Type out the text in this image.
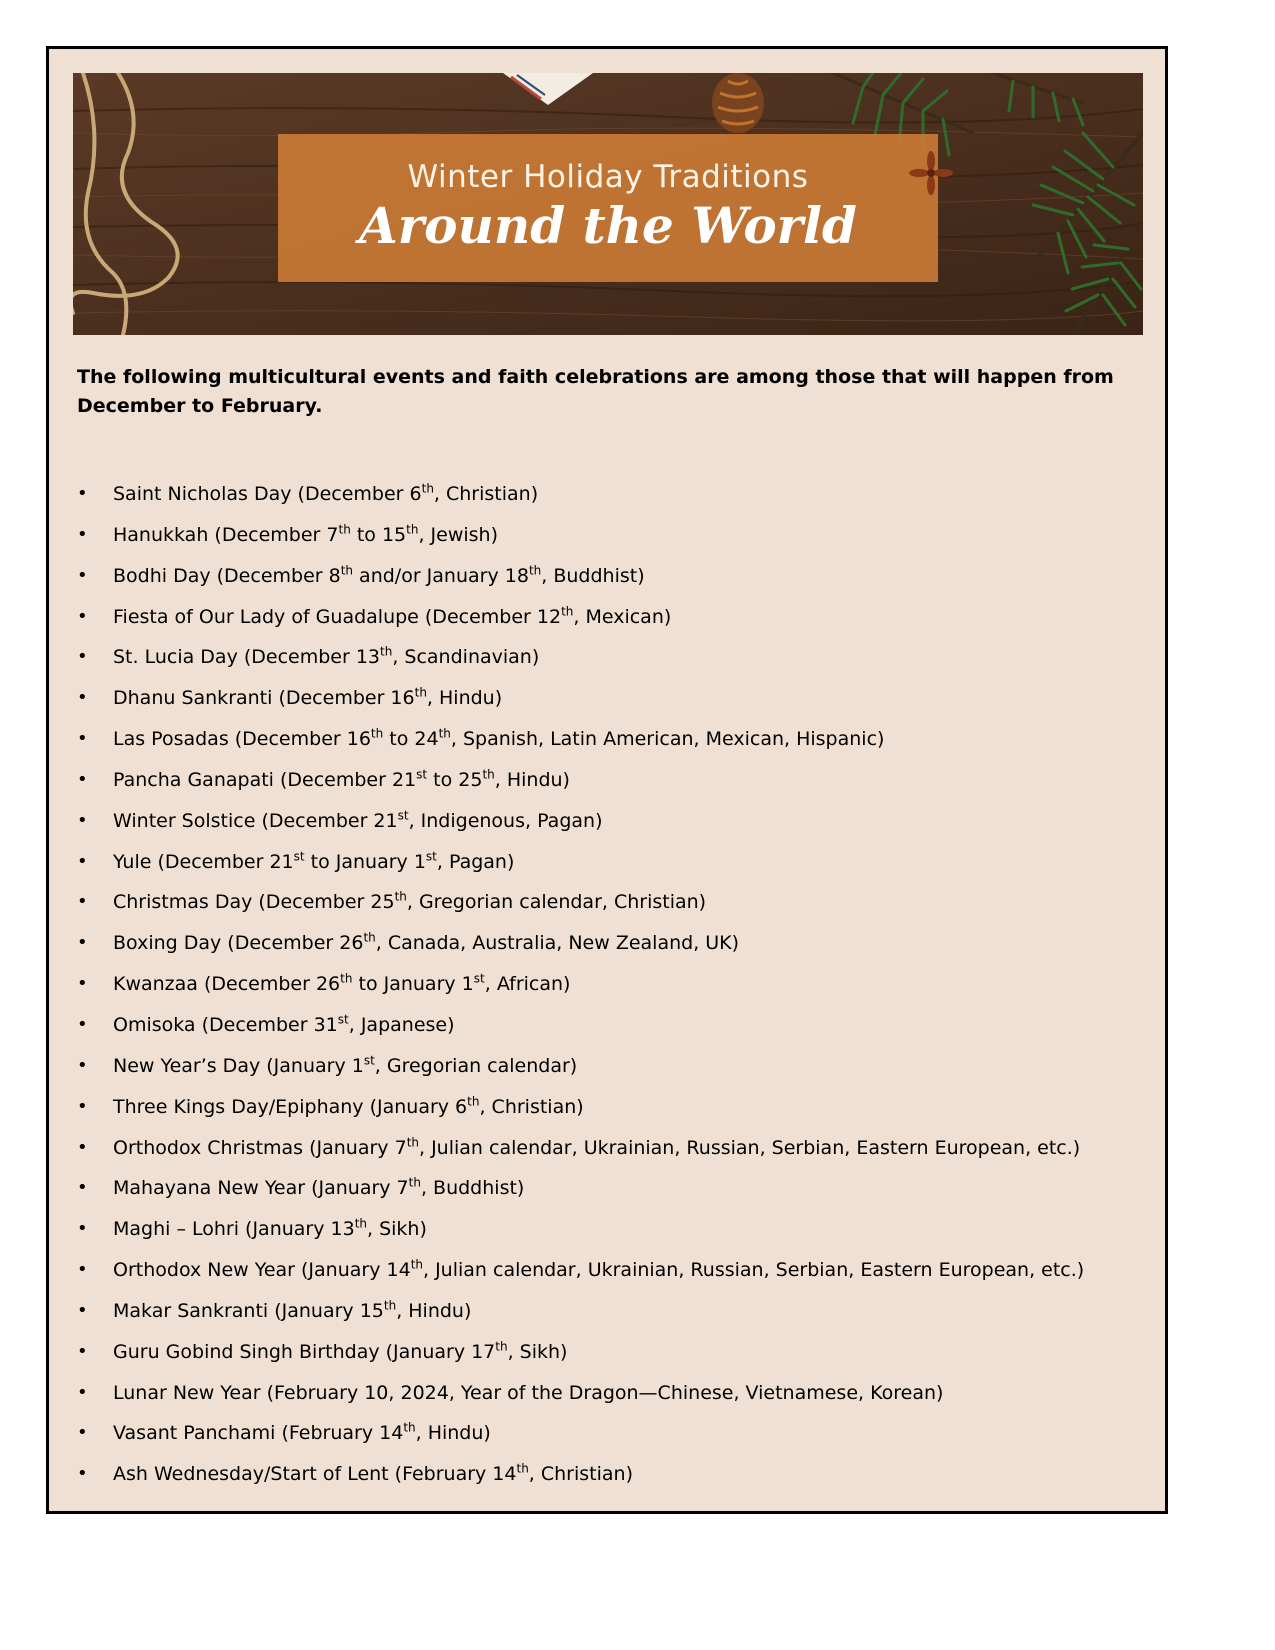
Winter Holiday Traditions
Around the World
The following multicultural events and faith celebrations are among those that will happen from December to February.
• Saint Nicholas Day (December 6th, Christian)
• Hanukkah (December 7th to 15th, Jewish)
• Bodhi Day (December 8th and/or January 18th, Buddhist)
• Fiesta of Our Lady of Guadalupe (December 12th, Mexican)
• St. Lucia Day (December 13th, Scandinavian)
• Dhanu Sankranti (December 16th, Hindu)
• Las Posadas (December 16th to 24th, Spanish, Latin American, Mexican, Hispanic)
• Pancha Ganapati (December 21st to 25th, Hindu)
• Winter Solstice (December 21st, Indigenous, Pagan)
• Yule (December 21st to January 1st, Pagan)
• Christmas Day (December 25th, Gregorian calendar, Christian)
• Boxing Day (December 26th, Canada, Australia, New Zealand, UK)
• Kwanzaa (December 26th to January 1st, African)
• Omisoka (December 31st, Japanese)
• New Year’s Day (January 1st, Gregorian calendar)
• Three Kings Day/Epiphany (January 6th, Christian)
• Orthodox Christmas (January 7th, Julian calendar, Ukrainian, Russian, Serbian, Eastern European, etc.)
• Mahayana New Year (January 7th, Buddhist)
• Maghi – Lohri (January 13th, Sikh)
• Orthodox New Year (January 14th, Julian calendar, Ukrainian, Russian, Serbian, Eastern European, etc.)
• Makar Sankranti (January 15th, Hindu)
• Guru Gobind Singh Birthday (January 17th, Sikh)
• Lunar New Year (February 10, 2024, Year of the Dragon—Chinese, Vietnamese, Korean)
• Vasant Panchami (February 14th, Hindu)
• Ash Wednesday/Start of Lent (February 14th, Christian)
